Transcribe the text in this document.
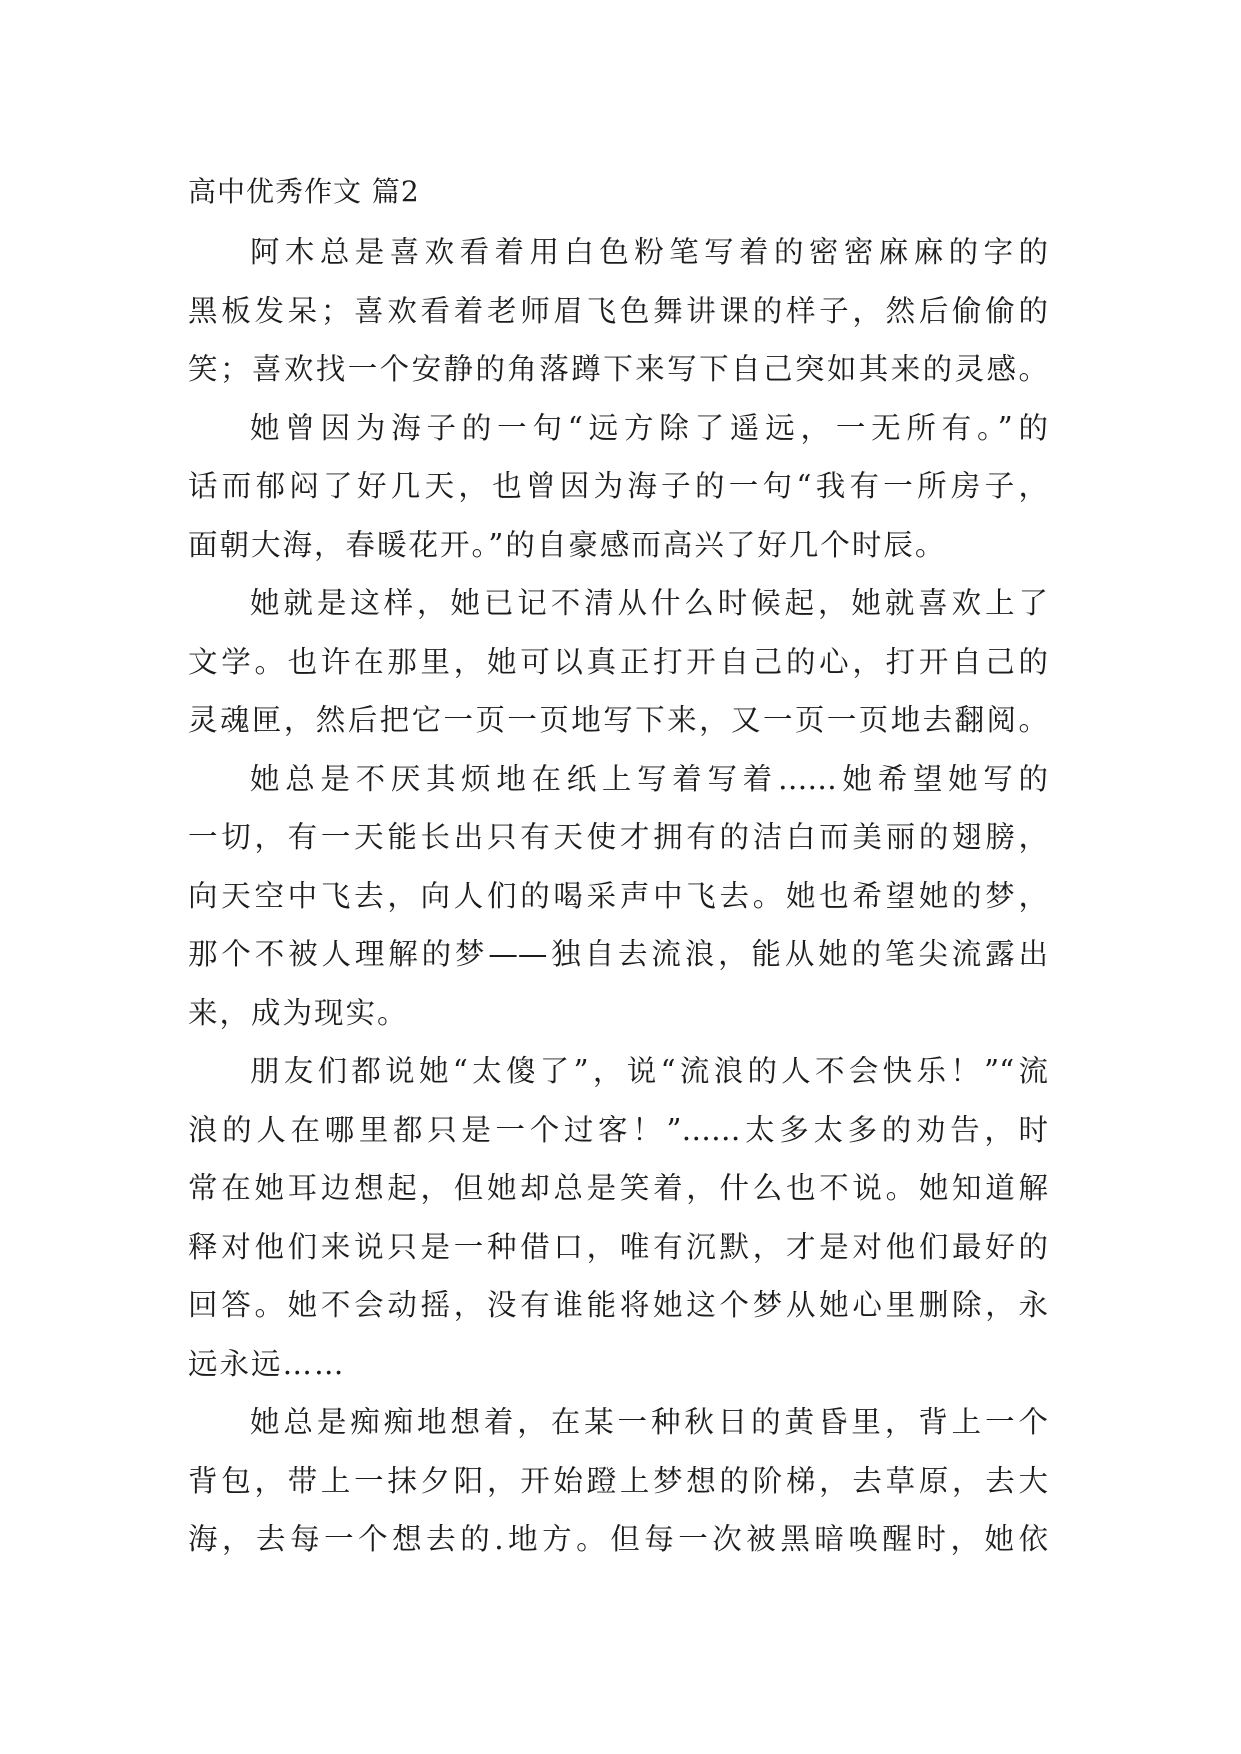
高中优秀作文 篇2
阿木总是喜欢看着用白色粉笔写着的密密麻麻的字的
黑板发呆；喜欢看着老师眉飞色舞讲课的样子，然后偷偷的
笑；喜欢找一个安静的角落蹲下来写下自己突如其来的灵感。
她曾因为海子的一句“远方除了遥远，一无所有。”的
话而郁闷了好几天，也曾因为海子的一句“我有一所房子，
面朝大海，春暖花开。”的自豪感而高兴了好几个时辰。
她就是这样，她已记不清从什么时候起，她就喜欢上了
文学。也许在那里，她可以真正打开自己的心，打开自己的
灵魂匣，然后把它一页一页地写下来，又一页一页地去翻阅。
她总是不厌其烦地在纸上写着写着……她希望她写的
一切，有一天能长出只有天使才拥有的洁白而美丽的翅膀，
向天空中飞去，向人们的喝采声中飞去。她也希望她的梦，
那个不被人理解的梦——独自去流浪，能从她的笔尖流露出
来，成为现实。
朋友们都说她“太傻了”，说“流浪的人不会快乐！”“流
浪的人在哪里都只是一个过客！”……太多太多的劝告，时
常在她耳边想起，但她却总是笑着，什么也不说。她知道解
释对他们来说只是一种借口，唯有沉默，才是对他们最好的
回答。她不会动摇，没有谁能将她这个梦从她心里删除，永
远永远……
她总是痴痴地想着，在某一种秋日的黄昏里，背上一个
背包，带上一抹夕阳，开始蹬上梦想的阶梯，去草原，去大
海，去每一个想去的.地方。但每一次被黑暗唤醒时，她依
